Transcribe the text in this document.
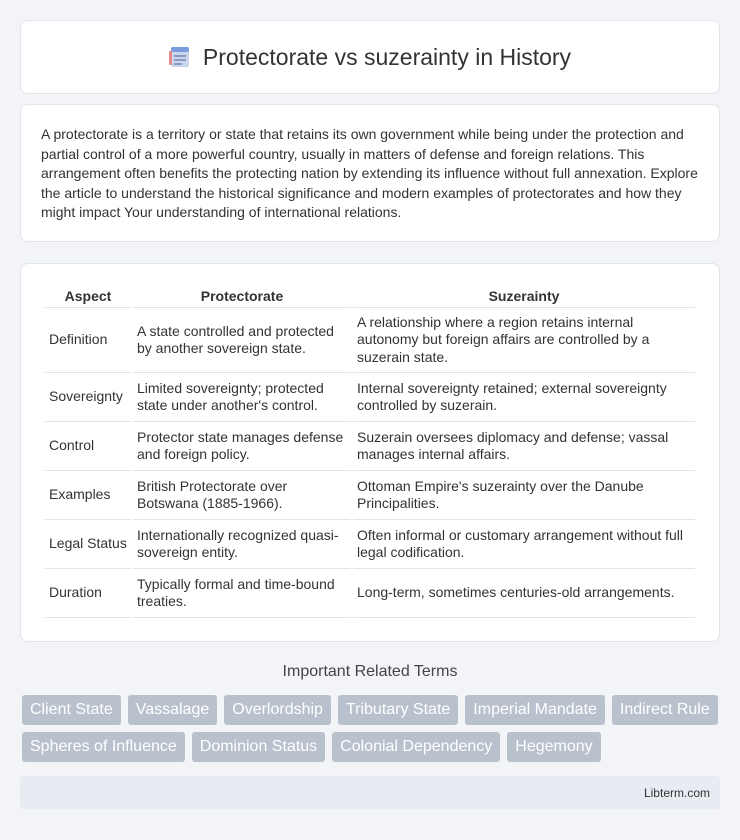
Protectorate vs suzerainty in History

A protectorate is a territory or state that retains its own government while being under the protection and partial control of a more powerful country, usually in matters of defense and foreign relations. This arrangement often benefits the protecting nation by extending its influence without full annexation. Explore the article to understand the historical significance and modern examples of protectorates and how they might impact Your understanding of international relations.

Aspect	Protectorate	Suzerainty
Definition	A state controlled and protected by another sovereign state.	A relationship where a region retains internal autonomy but foreign affairs are controlled by a suzerain state.
Sovereignty	Limited sovereignty; protected state under another's control.	Internal sovereignty retained; external sovereignty controlled by suzerain.
Control	Protector state manages defense and foreign policy.	Suzerain oversees diplomacy and defense; vassal manages internal affairs.
Examples	British Protectorate over Botswana (1885-1966).	Ottoman Empire's suzerainty over the Danube Principalities.
Legal Status	Internationally recognized quasi-sovereign entity.	Often informal or customary arrangement without full legal codification.
Duration	Typically formal and time-bound treaties.	Long-term, sometimes centuries-old arrangements.
Important Related Terms
Client State	Vassalage	Overlordship	Tributary State	Imperial Mandate	Indirect Rule
Spheres of Influence	Dominion Status	Colonial Dependency	Hegemony
Libterm.com
